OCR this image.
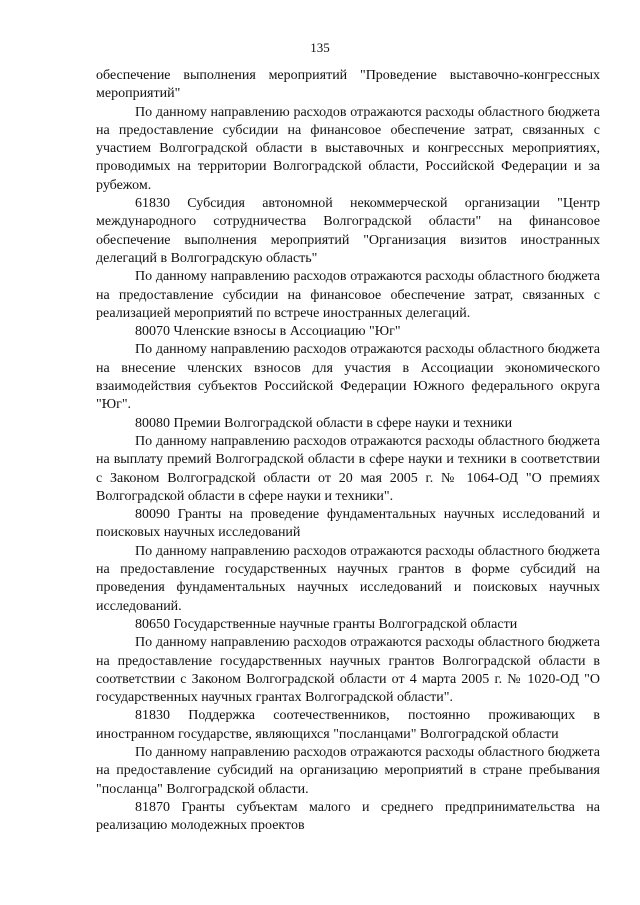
135

обеспечение выполнения мероприятий "Проведение выставочно-конгрессных мероприятий"

По данному направлению расходов отражаются расходы областного бюджета на предоставление субсидии на финансовое обеспечение затрат, связанных с участием Волгоградской области в выставочных и конгрессных мероприятиях, проводимых на территории Волгоградской области, Российской Федерации и за рубежом.

61830 Субсидия автономной некоммерческой организации "Центр международного сотрудничества Волгоградской области" на финансовое обеспечение выполнения мероприятий "Организация визитов иностранных делегаций в Волгоградскую область"

По данному направлению расходов отражаются расходы областного бюджета на предоставление субсидии на финансовое обеспечение затрат, связанных с реализацией мероприятий по встрече иностранных делегаций.

80070 Членские взносы в Ассоциацию "Юг"

По данному направлению расходов отражаются расходы областного бюджета на внесение членских взносов для участия в Ассоциации экономического взаимодействия субъектов Российской Федерации Южного федерального округа "Юг".

80080 Премии Волгоградской области в сфере науки и техники

По данному направлению расходов отражаются расходы областного бюджета на выплату премий Волгоградской области в сфере науки и техники в соответствии с Законом Волгоградской области от 20 мая 2005 г. № 1064-ОД "О премиях Волгоградской области в сфере науки и техники".

80090 Гранты на проведение фундаментальных научных исследований и поисковых научных исследований

По данному направлению расходов отражаются расходы областного бюджета на предоставление государственных научных грантов в форме субсидий на проведения фундаментальных научных исследований и поисковых научных исследований.

80650 Государственные научные гранты Волгоградской области

По данному направлению расходов отражаются расходы областного бюджета на предоставление государственных научных грантов Волгоградской области в соответствии с Законом Волгоградской области от 4 марта 2005 г. № 1020-ОД "О государственных научных грантах Волгоградской области".

81830 Поддержка соотечественников, постоянно проживающих в иностранном государстве, являющихся "посланцами" Волгоградской области

По данному направлению расходов отражаются расходы областного бюджета на предоставление субсидий на организацию мероприятий в стране пребывания "посланца" Волгоградской области.

81870 Гранты субъектам малого и среднего предпринимательства на реализацию молодежных проектов
